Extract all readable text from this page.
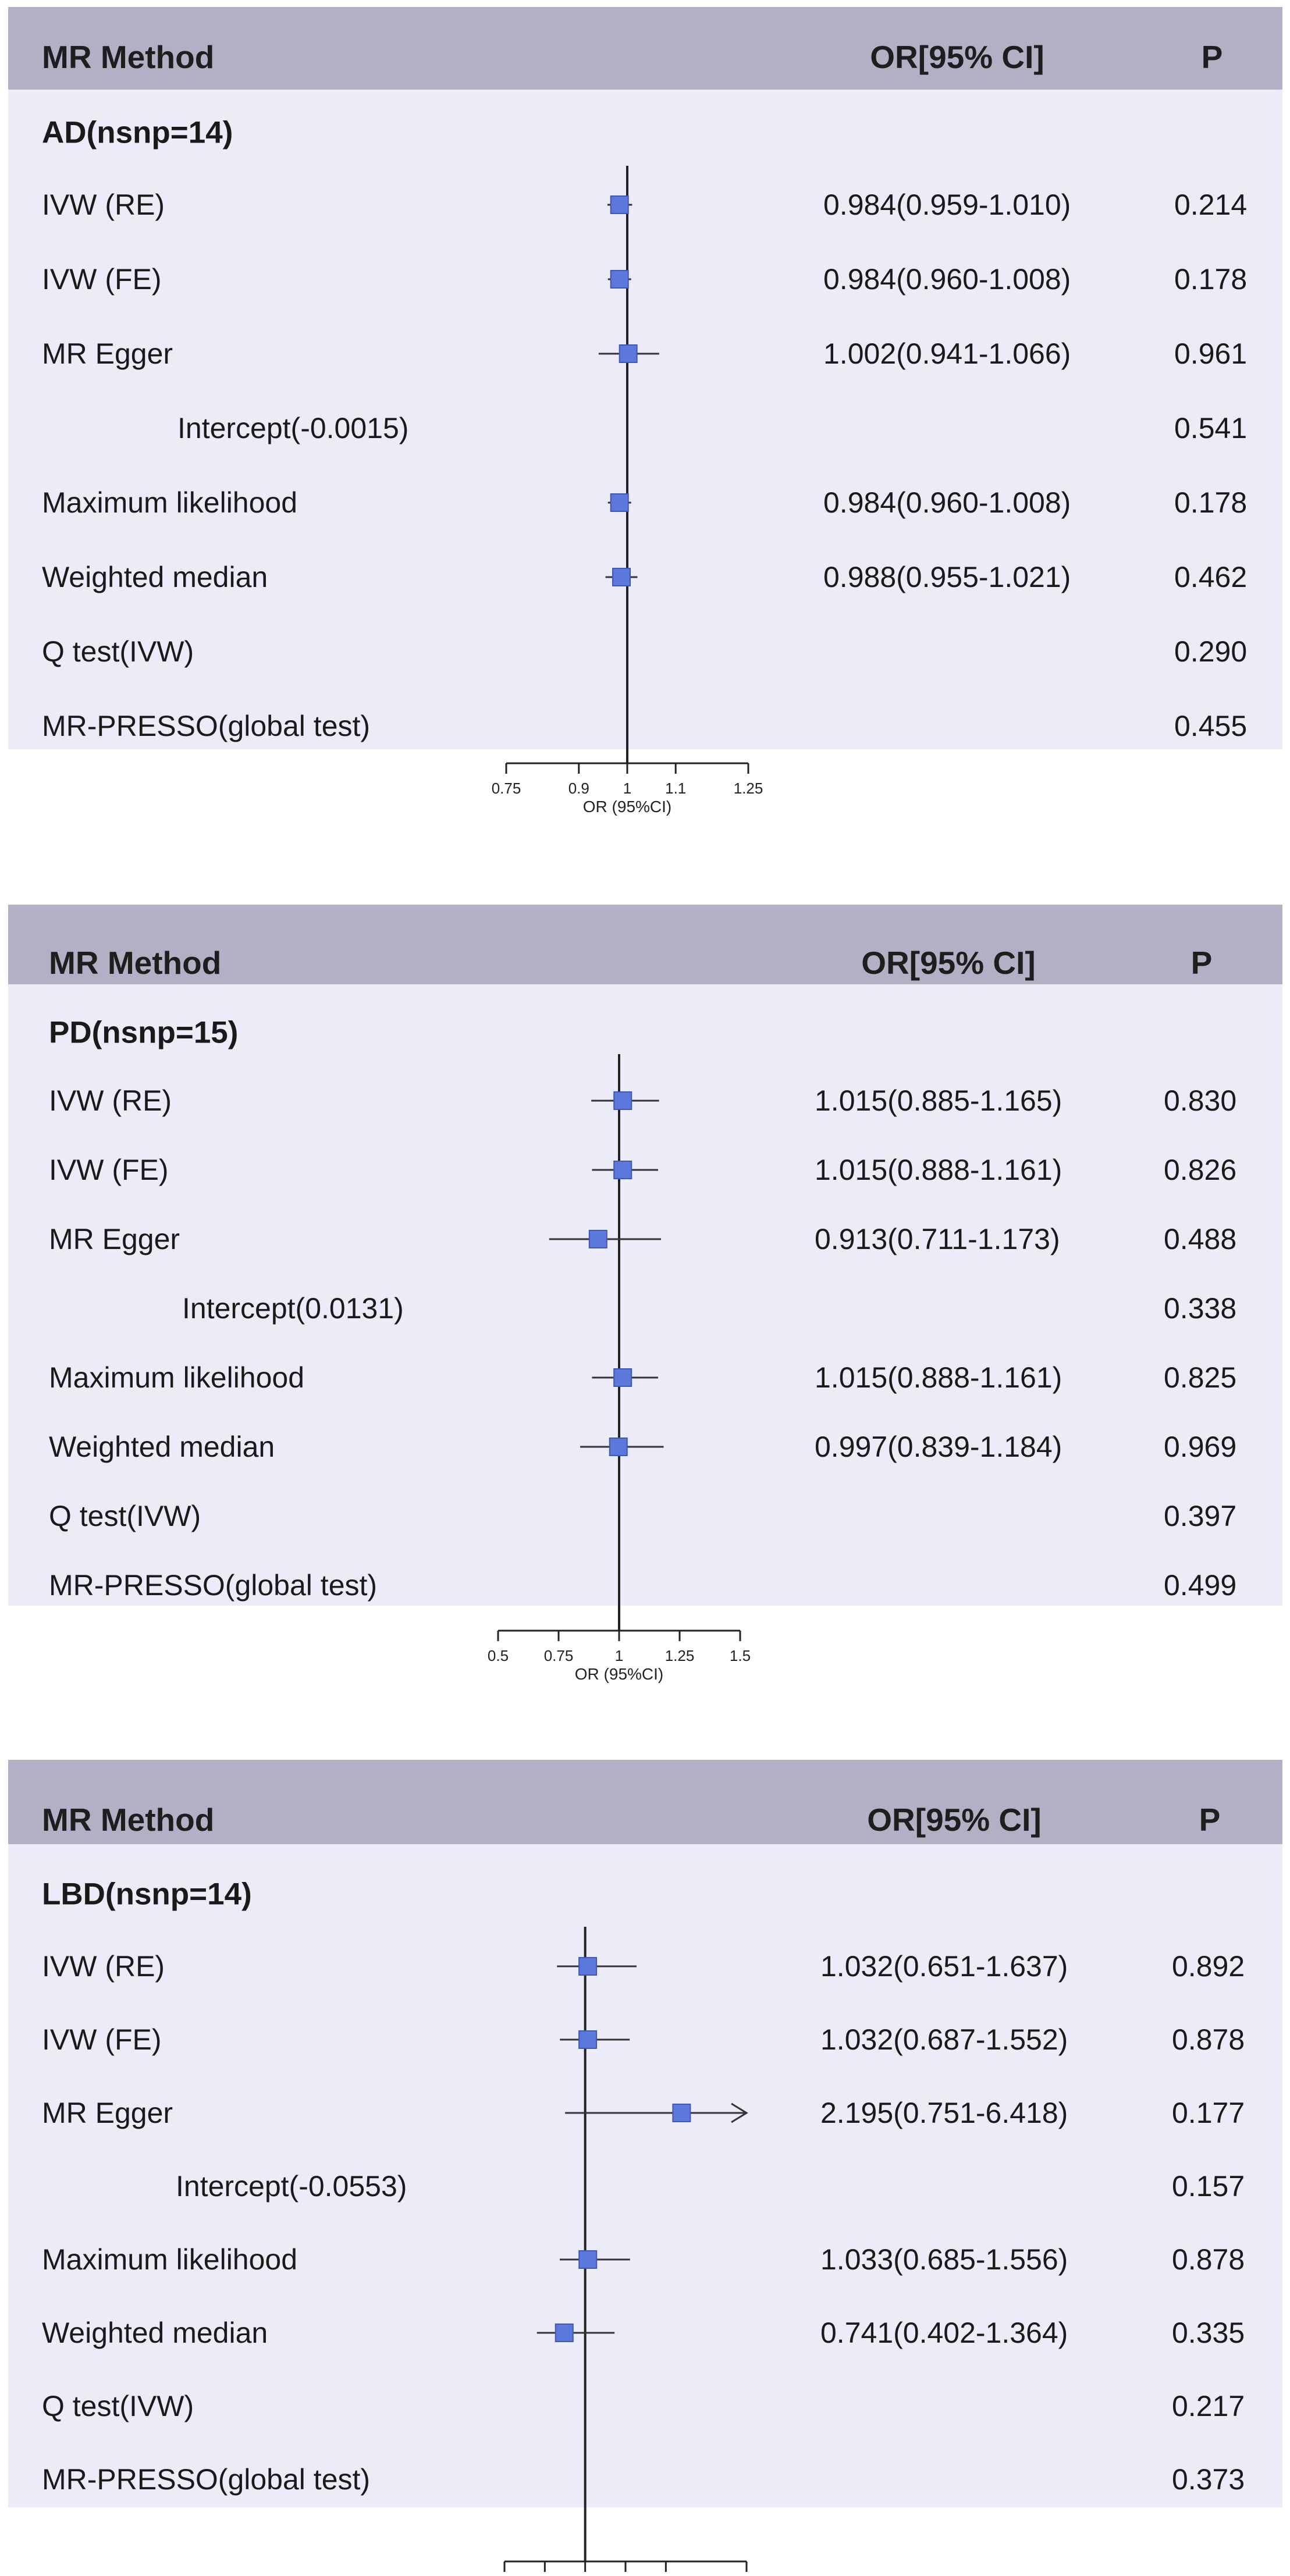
MR Method	OR[95% CI]	P
AD(nsnp=14)
IVW (RE)	0.984(0.959-1.010)	0.214
IVW (FE)	0.984(0.960-1.008)	0.178
MR Egger	1.002(0.941-1.066)	0.961
Intercept(-0.0015)	0.541
Maximum likelihood	0.984(0.960-1.008)	0.178
Weighted median	0.988(0.955-1.021)	0.462
Q test(IVW)	0.290
MR-PRESSO(global test)	0.455
0.75	0.9 1 1.1	1.25
OR (95%CI)
MR Method	OR[95% CI]	P
PD(nsnp=15)
IVW (RE)	1.015(0.885-1.165)	0.830
IVW (FE)	1.015(0.888-1.161)	0.826
MR Egger	0.913(0.711-1.173)	0.488
Intercept(0.0131)	0.338
Maximum likelihood	1.015(0.888-1.161)	0.825
Weighted median	0.997(0.839-1.184)	0.969
Q test(IVW)	0.397
MR-PRESSO(global test)	0.499
0.5 0.75	1	1.25 1.5
OR (95%CI)
MR Method	OR[95% CI]	P
LBD(nsnp=14)
IVW (RE)	1.032(0.651-1.637)	0.892
IVW (FE)	1.032(0.687-1.552)	0.878
MR Egger	2.195(0.751-6.418)	0.177
Intercept(-0.0553)	0.157
Maximum likelihood	1.033(0.685-1.556)	0.878
Weighted median	0.741(0.402-1.364)	0.335
Q test(IVW)	0.217
MR-PRESSO(global test)	0.373
